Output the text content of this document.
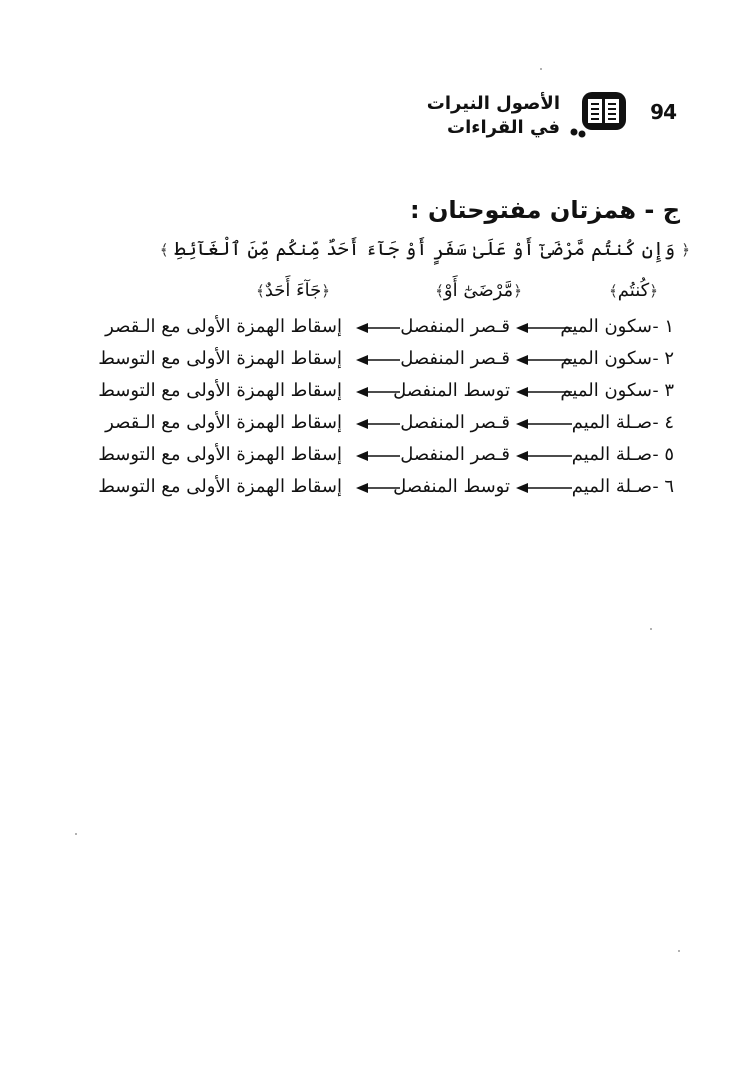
الأصول النيرات
في القراءات
94
ج - همزتان مفتوحتان :
﴿ وَإِن كُنتُم مَّرْضَىٰٓ أَوْ عَلَىٰ سَفَرٍ أَوْ جَآءَ أَحَدٌ مِّنكُم مِّنَ ٱلْغَآئِطِ ﴾
﴿كُنتُم﴾
﴿مَّرْضَىٰٓ أَوْ﴾
﴿جَآءَ أَحَدٌ﴾
١ -
سكون الميم
قـصر المنفصل
إسقاط الهمزة الأولى مع الـقصر
٢ -
سكون الميم
قـصر المنفصل
إسقاط الهمزة الأولى مع التوسط
٣ -
سكون الميم
توسط المنفصل
إسقاط الهمزة الأولى مع التوسط
٤ -
صـلة الميم
قـصر المنفصل
إسقاط الهمزة الأولى مع الـقصر
٥ -
صـلة الميم
قـصر المنفصل
إسقاط الهمزة الأولى مع التوسط
٦ -
صـلة الميم
توسط المنفصل
إسقاط الهمزة الأولى مع التوسط
